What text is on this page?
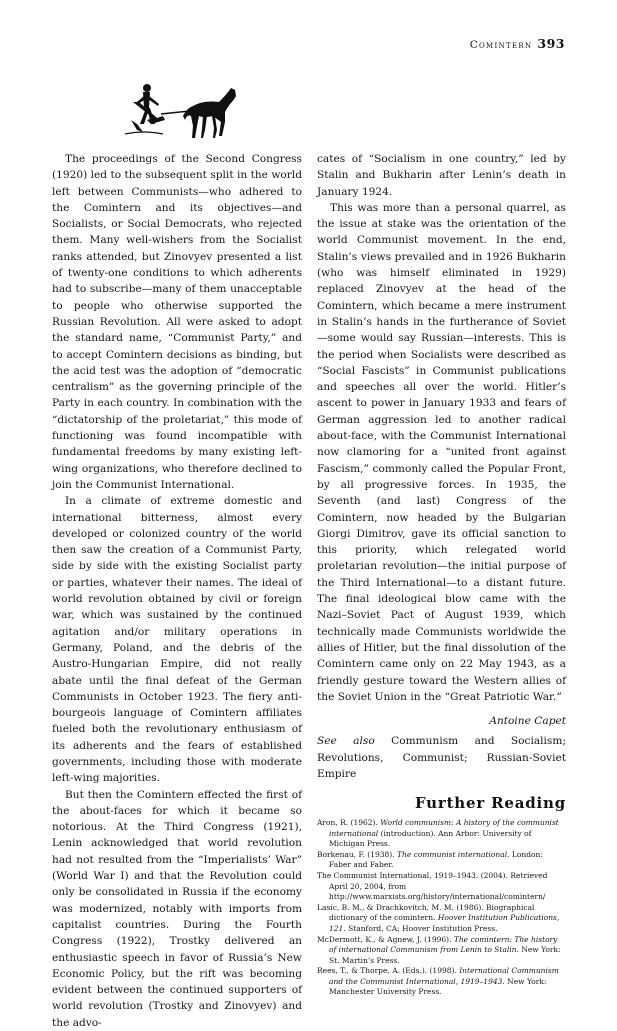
Comintern 393

The proceedings of the Second Congress (1920) led to the subsequent split in the world left between Communists—who adhered to the Comintern and its objectives—and Socialists, or Social Democrats, who rejected them. Many well-wishers from the Socialist ranks attended, but Zinovyev presented a list of twenty-one conditions to which adherents had to subscribe—many of them unacceptable to people who otherwise supported the Russian Revolution. All were asked to adopt the standard name, “Communist Party,” and to accept Comintern decisions as binding, but the acid test was the adoption of “democratic centralism” as the governing principle of the Party in each country. In combination with the “dictatorship of the proletariat,” this mode of functioning was found incompatible with fundamental freedoms by many existing left-wing organizations, who therefore declined to join the Communist International.

In a climate of extreme domestic and international bitterness, almost every developed or colonized country of the world then saw the creation of a Communist Party, side by side with the existing Socialist party or parties, whatever their names. The ideal of world revolution obtained by civil or foreign war, which was sustained by the continued agitation and/or military operations in Germany, Poland, and the debris of the Austro-Hungarian Empire, did not really abate until the final defeat of the German Communists in October 1923. The fiery anti-bourgeois language of Comintern affiliates fueled both the revolutionary enthusiasm of its adherents and the fears of established governments, including those with moderate left-wing majorities.

But then the Comintern effected the first of the about-faces for which it became so notorious. At the Third Congress (1921), Lenin acknowledged that world revolution had not resulted from the “Imperialists’ War” (World War I) and that the Revolution could only be consolidated in Russia if the economy was modernized, notably with imports from capitalist countries. During the Fourth Congress (1922), Trostky delivered an enthusiastic speech in favor of Russia’s New Economic Policy, but the rift was becoming evident between the continued supporters of world revolution (Trostky and Zinovyev) and the advo-

cates of “Socialism in one country,” led by Stalin and Bukharin after Lenin’s death in January 1924.

This was more than a personal quarrel, as the issue at stake was the orientation of the world Communist movement. In the end, Stalin’s views prevailed and in 1926 Bukharin (who was himself eliminated in 1929) replaced Zinovyev at the head of the Comintern, which became a mere instrument in Stalin’s hands in the furtherance of Soviet—some would say Russian—interests. This is the period when Socialists were described as “Social Fascists” in Communist publications and speeches all over the world. Hitler’s ascent to power in January 1933 and fears of German aggression led to another radical about-face, with the Communist International now clamoring for a “united front against Fascism,” commonly called the Popular Front, by all progressive forces. In 1935, the Seventh (and last) Congress of the Comintern, now headed by the Bulgarian Giorgi Dimitrov, gave its official sanction to this priority, which relegated world proletarian revolution—the initial purpose of the Third International—to a distant future. The final ideological blow came with the Nazi–Soviet Pact of August 1939, which technically made Communists worldwide the allies of Hitler, but the final dissolution of the Comintern came only on 22 May 1943, as a friendly gesture toward the Western allies of the Soviet Union in the “Great Patriotic War.”

Antoine Capet

See also Communism and Socialism; Revolutions, Communist; Russian-Soviet Empire

Further Reading
Aron, R. (1962). World communism: A history of the communist international (introduction). Ann Arbor: University of Michigan Press.
Borkenau, F. (1938). The communist international. London: Faber and Faber.
The Communist International, 1919–1943. (2004). Retrieved April 20, 2004, from http://www.marxists.org/history/international/comintern/
Lasic, B. M., & Drachkovitch, M. M. (1986). Biographical dictionary of the comintern. Hoover Institution Publications, 121. Stanford, CA: Hoover Institution Press.
McDermott, K., & Agnew, J. (1996). The comintern: The history of international Communism from Lenin to Stalin. New York: St. Martin’s Press.
Rees, T., & Thorpe, A. (Eds.). (1998). International Communism and the Communist International, 1919–1943. New York: Manchester University Press.
